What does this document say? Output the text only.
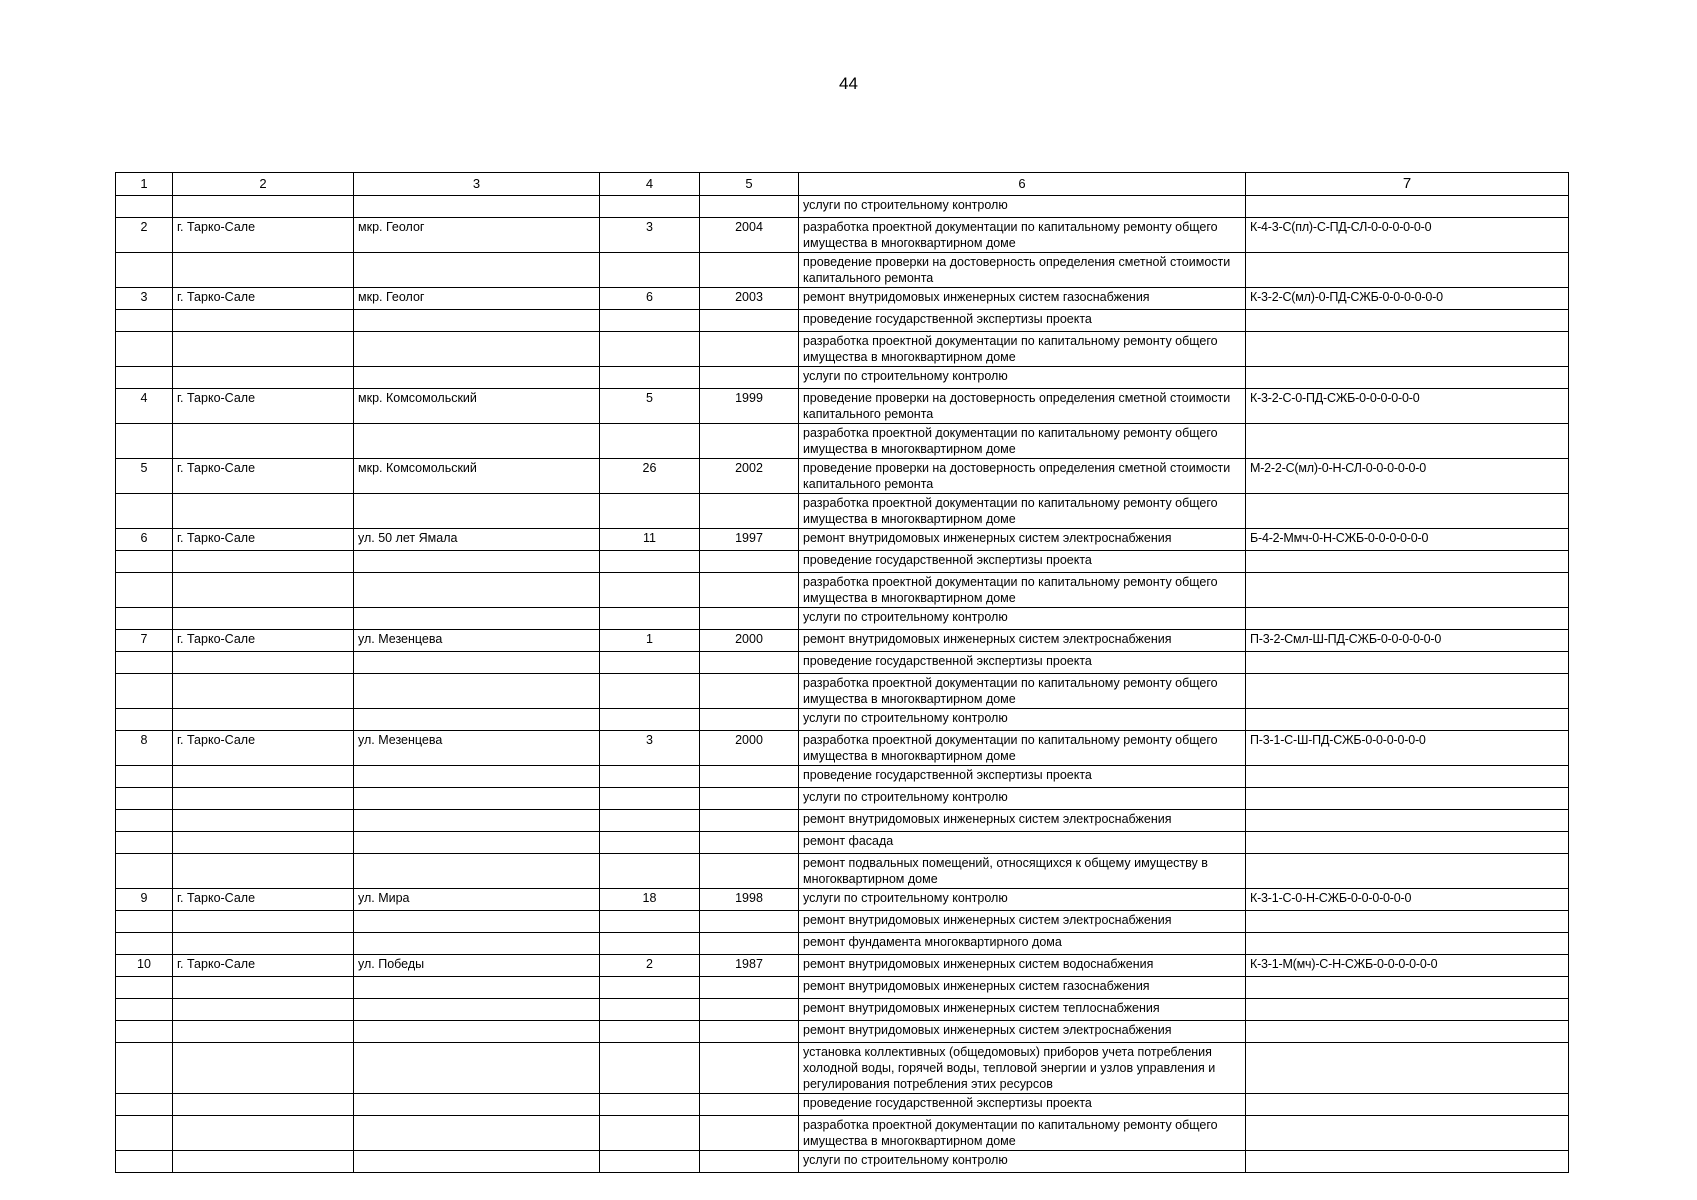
44
1	2	3	4	5	6	7
					услуги по строительному контролю	
2	г. Тарко-Сале	мкр. Геолог	3	2004	разработка проектной документации по капитальному ремонту общего имущества в многоквартирном доме	К-4-3-С(пл)-С-ПД-СЛ-0-0-0-0-0-0
					проведение проверки на достоверность определения сметной стоимости капитального ремонта	
3	г. Тарко-Сале	мкр. Геолог	6	2003	ремонт внутридомовых инженерных систем газоснабжения	К-3-2-С(мл)-0-ПД-СЖБ-0-0-0-0-0-0
					проведение государственной экспертизы проекта	
					разработка проектной документации по капитальному ремонту общего имущества в многоквартирном доме	
					услуги по строительному контролю	
4	г. Тарко-Сале	мкр. Комсомольский	5	1999	проведение проверки на достоверность определения сметной стоимости капитального ремонта	К-3-2-С-0-ПД-СЖБ-0-0-0-0-0-0
					разработка проектной документации по капитальному ремонту общего имущества в многоквартирном доме	
5	г. Тарко-Сале	мкр. Комсомольский	26	2002	проведение проверки на достоверность определения сметной стоимости капитального ремонта	М-2-2-С(мл)-0-Н-СЛ-0-0-0-0-0-0
					разработка проектной документации по капитальному ремонту общего имущества в многоквартирном доме	
6	г. Тарко-Сале	ул. 50 лет Ямала	11	1997	ремонт внутридомовых инженерных систем электроснабжения	Б-4-2-Ммч-0-Н-СЖБ-0-0-0-0-0-0
					проведение государственной экспертизы проекта	
					разработка проектной документации по капитальному ремонту общего имущества в многоквартирном доме	
					услуги по строительному контролю	
7	г. Тарко-Сале	ул. Мезенцева	1	2000	ремонт внутридомовых инженерных систем электроснабжения	П-3-2-Смл-Ш-ПД-СЖБ-0-0-0-0-0-0
					проведение государственной экспертизы проекта	
					разработка проектной документации по капитальному ремонту общего имущества в многоквартирном доме	
					услуги по строительному контролю	
8	г. Тарко-Сале	ул. Мезенцева	3	2000	разработка проектной документации по капитальному ремонту общего имущества в многоквартирном доме	П-3-1-С-Ш-ПД-СЖБ-0-0-0-0-0-0
					проведение государственной экспертизы проекта	
					услуги по строительному контролю	
					ремонт внутридомовых инженерных систем электроснабжения	
					ремонт фасада	
					ремонт подвальных помещений, относящихся к общему имуществу в многоквартирном доме	
9	г. Тарко-Сале	ул. Мира	18	1998	услуги по строительному контролю	К-3-1-С-0-Н-СЖБ-0-0-0-0-0-0
					ремонт внутридомовых инженерных систем электроснабжения	
					ремонт фундамента многоквартирного дома	
10	г. Тарко-Сале	ул. Победы	2	1987	ремонт внутридомовых инженерных систем водоснабжения	К-3-1-М(мч)-С-Н-СЖБ-0-0-0-0-0-0
					ремонт внутридомовых инженерных систем газоснабжения	
					ремонт внутридомовых инженерных систем теплоснабжения	
					ремонт внутридомовых инженерных систем электроснабжения	
					установка коллективных (общедомовых) приборов учета потребления холодной воды, горячей воды, тепловой энергии и узлов управления и регулирования потребления этих ресурсов	
					проведение государственной экспертизы проекта	
					разработка проектной документации по капитальному ремонту общего имущества в многоквартирном доме	
					услуги по строительному контролю	
